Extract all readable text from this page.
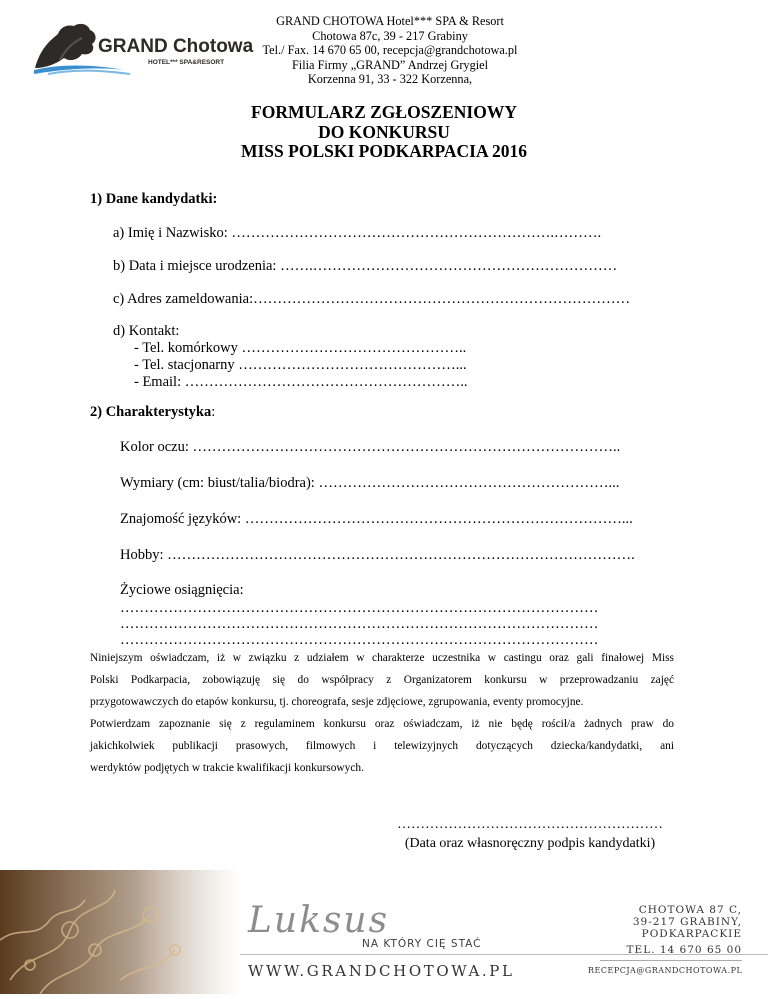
GRAND Chotowa
HOTEL*** SPA&RESORT
GRAND CHOTOWA Hotel*** SPA & Resort
Chotowa 87c, 39 - 217 Grabiny
Tel./ Fax. 14 670 65 00, recepcja@grandchotowa.pl
Filia Firmy „GRAND” Andrzej Grygiel
Korzenna 91, 33 - 322 Korzenna,
FORMULARZ ZGŁOSZENIOWY
DO KONKURSU
MISS POLSKI PODKARPACIA 2016
1) Dane kandydatki:
a) Imię i Nazwisko: ………………………………………………………….……….
b) Data i miejsce urodzenia: …….………………………………………………………
c) Adres zameldowania:……………………………………………………………………
d) Kontakt:
- Tel. komórkowy ………………………………………..
- Tel. stacjonarny ………………………………………...
- Email: …………………………………………………..
2) Charakterystyka:
Kolor oczu: ……………………………………………………………………………..
Wymiary (cm: biust/talia/biodra): ……………………………………………………...
Znajomość języków: ……………………………………………………………………...
Hobby: …………………………………………………………………………………….
Życiowe osiągnięcia:
………………………………………………………………………………………
………………………………………………………………………………………
………………………………………………………………………………………
Niniejszym oświadczam, iż w związku z udziałem w charakterze uczestnika w castingu oraz gali finałowej Miss
Polski Podkarpacia, zobowiązuję się do współpracy z Organizatorem konkursu w przeprowadzaniu zajęć
przygotowawczych do etapów konkursu, tj. choreografa, sesje zdjęciowe, zgrupowania, eventy promocyjne.
Potwierdzam zapoznanie się z regulaminem konkursu oraz oświadczam, iż nie będę rościł/a żadnych praw do
jakichkolwiek publikacji prasowych, filmowych i telewizyjnych dotyczących dziecka/kandydatki, ani
werdyktów podjętych w trakcie kwalifikacji konkursowych.
…………………………………………………
(Data oraz własnoręczny podpis kandydatki)
Luksus
NA KTÓRY CIĘ STAĆ
WWW.GRANDCHOTOWA.PL
CHOTOWA 87 C,
39-217 GRABINY,
PODKARPACKIE
TEL. 14 670 65 00
RECEPCJA@GRANDCHOTOWA.PL
